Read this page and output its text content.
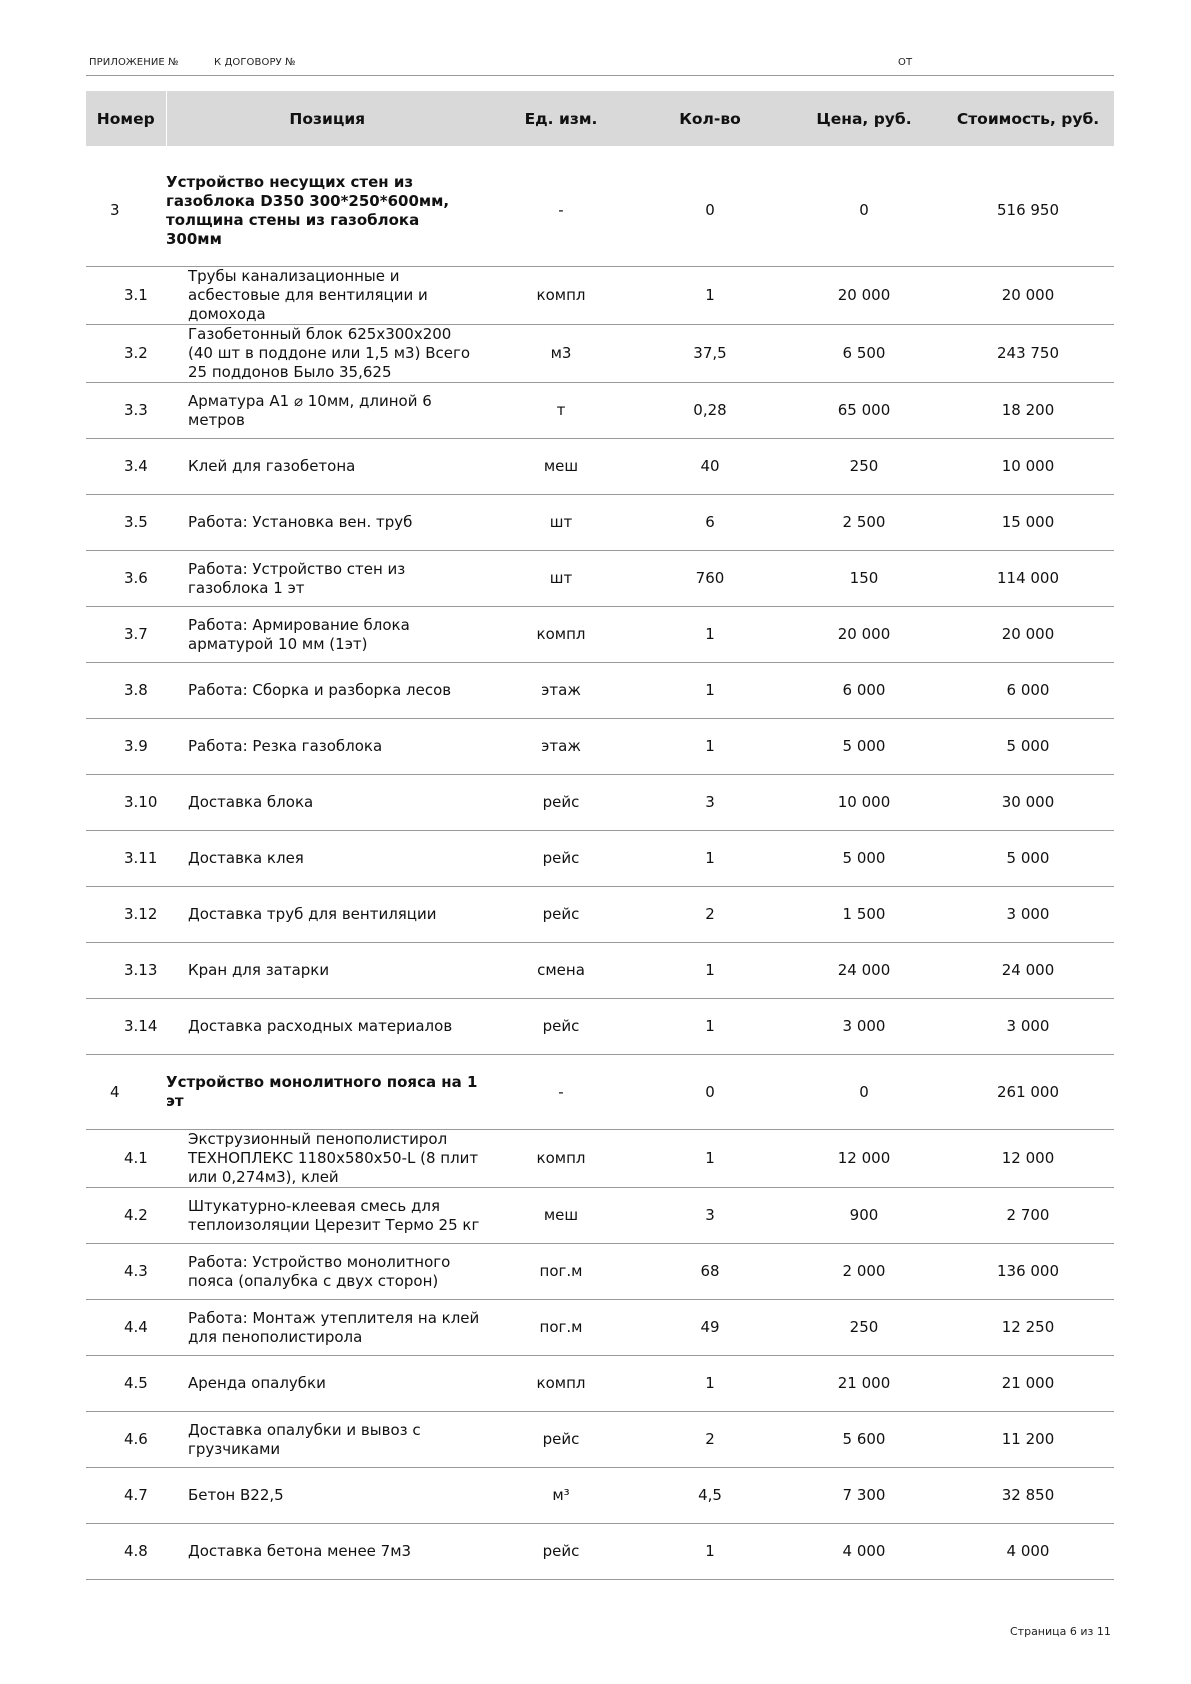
ПРИЛОЖЕНИЕ №	К ДОГОВОРУ №	ОТ
Номер	Позиция	Ед. изм.	Кол-во	Цена, руб.	Стоимость, руб.

3	Устройство несущих стен из газоблока D350 300*250*600мм, толщина стены из газоблока 300мм	-	0	0	516 950
3.1	Трубы канализационные и асбестовые для вентиляции и домохода	компл	1	20 000	20 000
3.2	Газобетонный блок 625х300х200 (40 шт в поддоне или 1,5 м3) Всего 25 поддонов Было 35,625	м3	37,5	6 500	243 750
3.3	Арматура А1 ⌀ 10мм, длиной 6 метров	т	0,28	65 000	18 200
3.4	Клей для газобетона	меш	40	250	10 000
3.5	Работа: Установка вен. труб	шт	6	2 500	15 000
3.6	Работа: Устройство стен из газоблока 1 эт	шт	760	150	114 000
3.7	Работа: Армирование блока арматурой 10 мм (1эт)	компл	1	20 000	20 000
3.8	Работа: Сборка и разборка лесов	этаж	1	6 000	6 000
3.9	Работа: Резка газоблока	этаж	1	5 000	5 000
3.10	Доставка блока	рейс	3	10 000	30 000
3.11	Доставка клея	рейс	1	5 000	5 000
3.12	Доставка труб для вентиляции	рейс	2	1 500	3 000
3.13	Кран для затарки	смена	1	24 000	24 000
3.14	Доставка расходных материалов	рейс	1	3 000	3 000
4	Устройство монолитного пояса на 1 эт	-	0	0	261 000
4.1	Экструзионный пенополистирол ТЕХНОПЛЕКС 1180х580х50-L (8 плит или 0,274м3), клей	компл	1	12 000	12 000
4.2	Штукатурно-клеевая смесь для теплоизоляции Церезит Термо 25 кг	меш	3	900	2 700
4.3	Работа: Устройство монолитного пояса (опалубка с двух сторон)	пог.м	68	2 000	136 000
4.4	Работа: Монтаж утеплителя на клей для пенополистирола	пог.м	49	250	12 250
4.5	Аренда опалубки	компл	1	21 000	21 000
4.6	Доставка опалубки и вывоз с грузчиками	рейс	2	5 600	11 200
4.7	Бетон В22,5	м³	4,5	7 300	32 850
4.8	Доставка бетона менее 7м3	рейс	1	4 000	4 000
Страница 6 из 11
